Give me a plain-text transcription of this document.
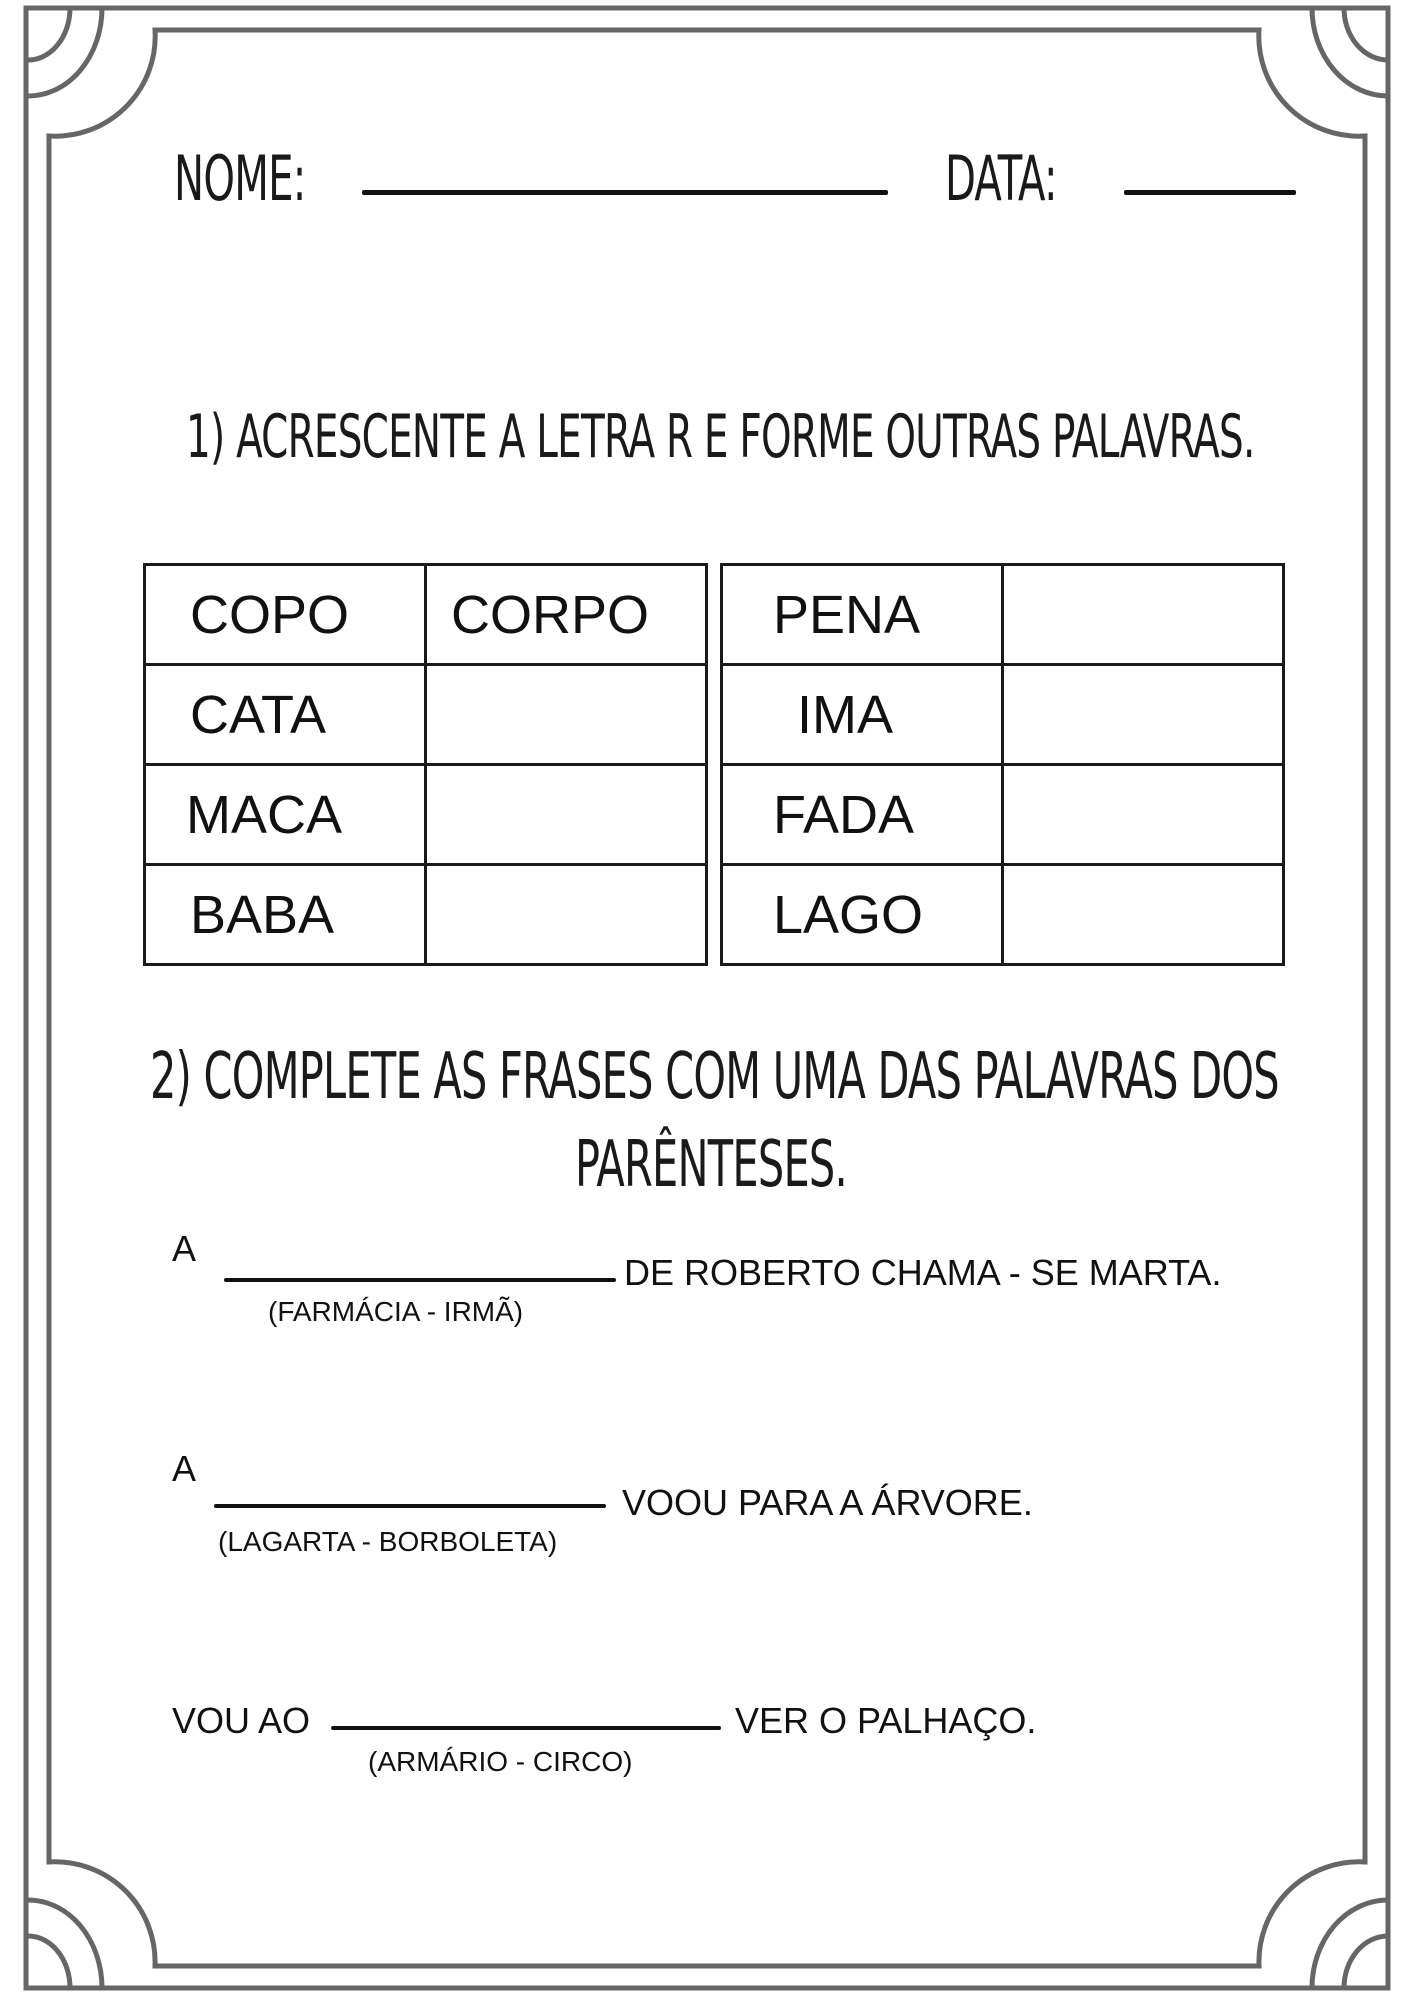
NOME:	DATA:
1) ACRESCENTE A LETRA R E FORME OUTRAS PALAVRAS.
COPO	CORPO
CATA	
MACA	
BABA	
PENA	
IMA	
FADA	
LAGO	
2) COMPLETE AS FRASES COM UMA DAS PALAVRAS DOS
PARÊNTESES.
A
DE ROBERTO CHAMA - SE MARTA.
(FARMÁCIA - IRMÃ)
A
VOOU PARA A ÁRVORE.
(LAGARTA - BORBOLETA)
VOU AO	VER O PALHAÇO.
(ARMÁRIO - CIRCO)
